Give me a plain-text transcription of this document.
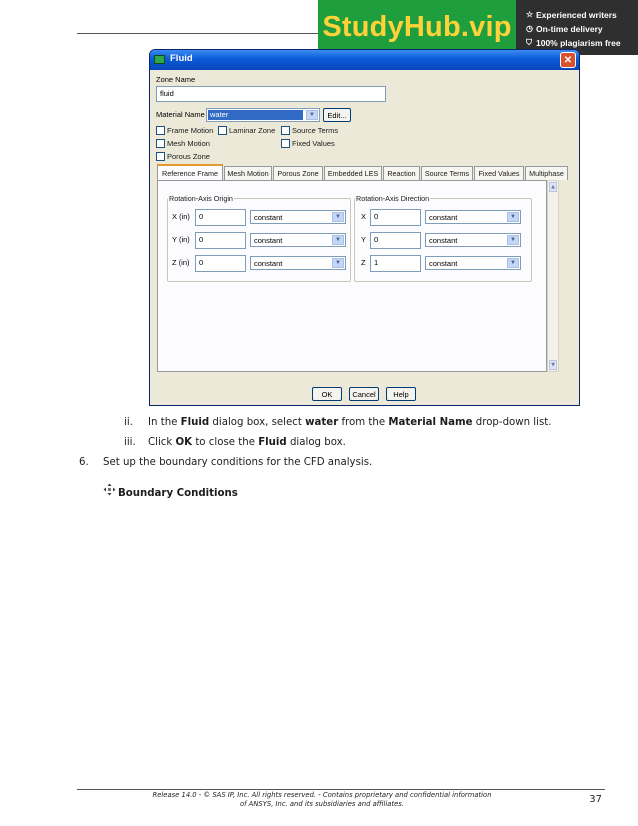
StudyHub.vip ☆ Experienced writers
◷ On-time delivery
⛉ 100% plagiarism free
Fluid	✕
Zone Name
fluid
Material Name water	▼	Edit...
Frame Motion Laminar Zone Source Terms
Mesh Motion	Fixed Values
Porous Zone
Reference Frame	Mesh Motion	Porous Zone	Embedded LES	Reaction	Source Terms	Fixed Values	Multiphase
Rotation-Axis Origin
X (in)	0	constant	▼
Y (in)	0	constant	▼
Z (in)	0	constant	▼
Rotation-Axis Direction
X	0	constant	▼
Y	0	constant	▼
Z	1	constant	▼
▲
▼
OK	Cancel	Help
ii. In the Fluid dialog box, select water from the Material Name drop-down list.
iii. Click OK to close the Fluid dialog box.
6. Set up the boundary conditions for the CFD analysis.
Boundary Conditions
Release 14.0 - © SAS IP, Inc. All rights reserved. - Contains proprietary and confidential information
of ANSYS, Inc. and its subsidiaries and affiliates.	37
